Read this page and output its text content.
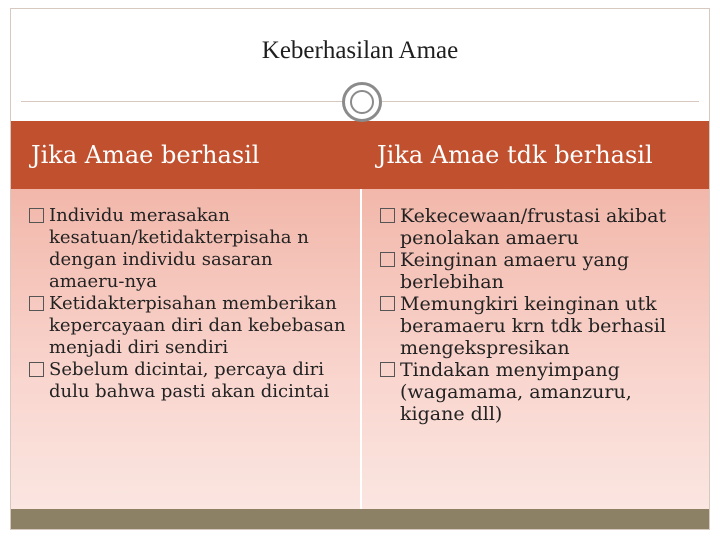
Keberhasilan Amae
Jika Amae berhasil	Jika Amae tdk berhasil
Individu merasakan kesatuan/ketidakterpisaha n dengan individu sasaran amaeru-nya
Ketidakterpisahan memberikan kepercayaan diri dan kebebasan menjadi diri sendiri
Sebelum dicintai, percaya diri dulu bahwa pasti akan dicintai
Kekecewaan/frustasi akibat penolakan amaeru
Keinginan amaeru yang berlebihan
Memungkiri keinginan utk beramaeru krn tdk berhasil mengekspresikan
Tindakan menyimpang (wagamama, amanzuru, kigane dll)
